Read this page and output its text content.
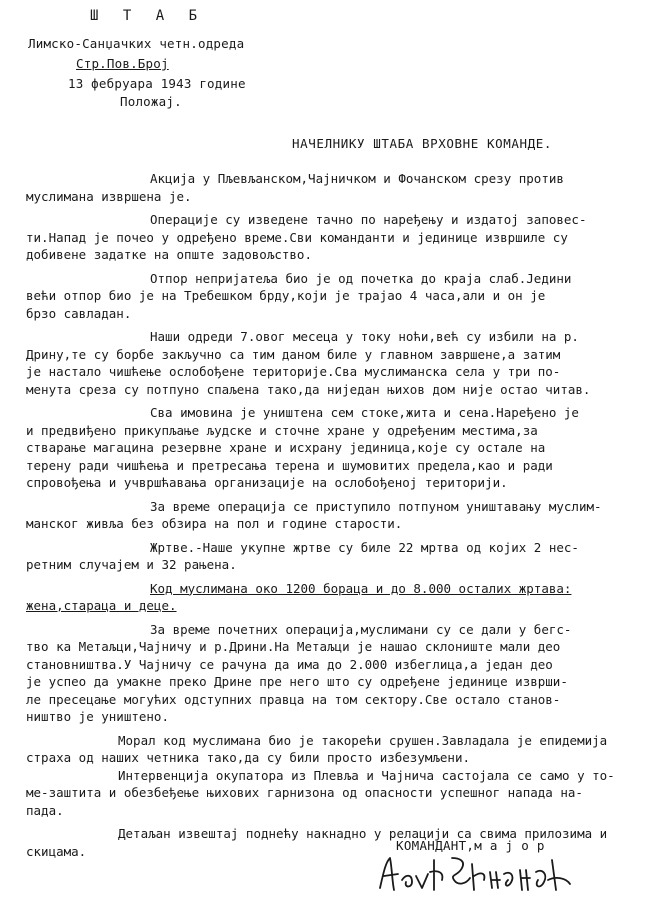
Ш Т А Б
Лимско-Санџачких четн.одреда
Стр.Пов.Број
13 фебруара 1943 године
Положај.
НАЧЕЛНИКУ ШТАБА ВРХОВНЕ КОМАНДЕ.
Акција у Пљевљанском,Чајничком и Фочанском срезу против
муслимана извршена је.
Операције су изведене тачно по наређењу и издатој заповес-
ти.Напад је почео у одређено време.Сви команданти и јединице извршиле су
добивене задатке на опште задовољство.
Отпор непријатеља био је од почетка до краја слаб.Једини
већи отпор био је на Требешком брду,који је трајао 4 часа,али и он је
брзо савладан.
Наши одреди 7.овог месеца у току ноћи,већ су избили на р.
Дрину,те су борбе закључно са тим даном биле у главном завршене,а затим
је настало чишћење ослобођене територије.Сва муслиманска села у три по-
менута среза су потпуно спаљена тако,да ниједан њихов дом није остао читав.
Сва имовина је уништена сем стоке,жита и сена.Наређено је
и предвиђено прикупљање људске и сточне хране у одређеним местима,за
стварање магацина резервне хране и исхрану јединица,које су остале на
терену ради чишћења и претресања терена и шумовитих предела,као и ради
спровођења и учвршћавања организације на ослобођеној територији.
За време операција се приступило потпуном уништавању муслим-
манског живља без обзира на пол и године старости.
Жртве.-Наше укупне жртве су биле 22 мртва од којих 2 нес-
ретним случајем и 32 рањена.
Код муслимана око 1200 бораца и до 8.000 осталих жртава:
жена,стараца и деце.
За време почетних операција,муслимани су се дали у бегс-
тво ка Метаљци,Чајничу и р.Дрини.На Метаљци је нашао склониште мали део
становништва.У Чајничу се рачуна да има до 2.000 избеглица,а један део
је успео да умакне преко Дрине пре него што су одређене јединице изврши-
ле пресецање могућих одступних правца на том сектору.Све остало станов-
ништво је уништено.
Морал код муслимана био је такорећи срушен.Завладала је епидемија
страха од наших четника тако,да су били просто избезумљени.
Интервенција окупатора из Плевља и Чајнича састојала се само у то-
ме-заштита и обезбеђење њихових гарнизона од опасности успешног напада на-
пада.
Детаљан извештај поднећу накнадно у релацији са свима прилозима и
скицама.	КОМАНДАНТ,м а ј о р
